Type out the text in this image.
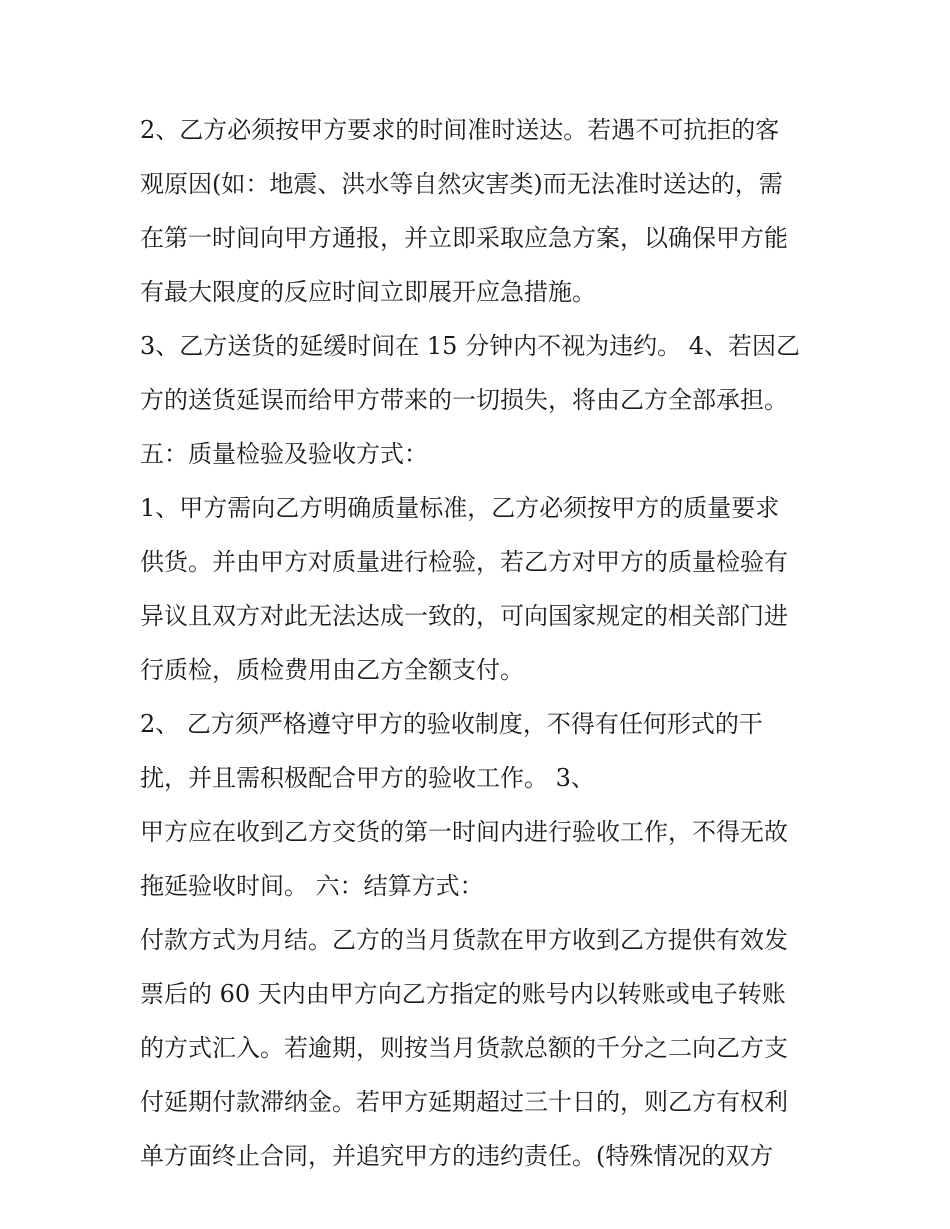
2、乙方必须按甲方要求的时间准时送达。若遇不可抗拒的客
观原因(如：地震、洪水等自然灾害类)而无法准时送达的，需
在第一时间向甲方通报，并立即采取应急方案，以确保甲方能
有最大限度的反应时间立即展开应急措施。
3、乙方送货的延缓时间在 15 分钟内不视为违约。 4、若因乙
方的送货延误而给甲方带来的一切损失，将由乙方全部承担。
五：质量检验及验收方式：
1、甲方需向乙方明确质量标准，乙方必须按甲方的质量要求
供货。并由甲方对质量进行检验，若乙方对甲方的质量检验有
异议且双方对此无法达成一致的，可向国家规定的相关部门进
行质检，质检费用由乙方全额支付。
2、 乙方须严格遵守甲方的验收制度，不得有任何形式的干
扰，并且需积极配合甲方的验收工作。 3、
甲方应在收到乙方交货的第一时间内进行验收工作，不得无故
拖延验收时间。 六：结算方式：
付款方式为月结。乙方的当月货款在甲方收到乙方提供有效发
票后的 60 天内由甲方向乙方指定的账号内以转账或电子转账
的方式汇入。若逾期，则按当月货款总额的千分之二向乙方支
付延期付款滞纳金。若甲方延期超过三十日的，则乙方有权利
单方面终止合同，并追究甲方的违约责任。(特殊情况的双方
